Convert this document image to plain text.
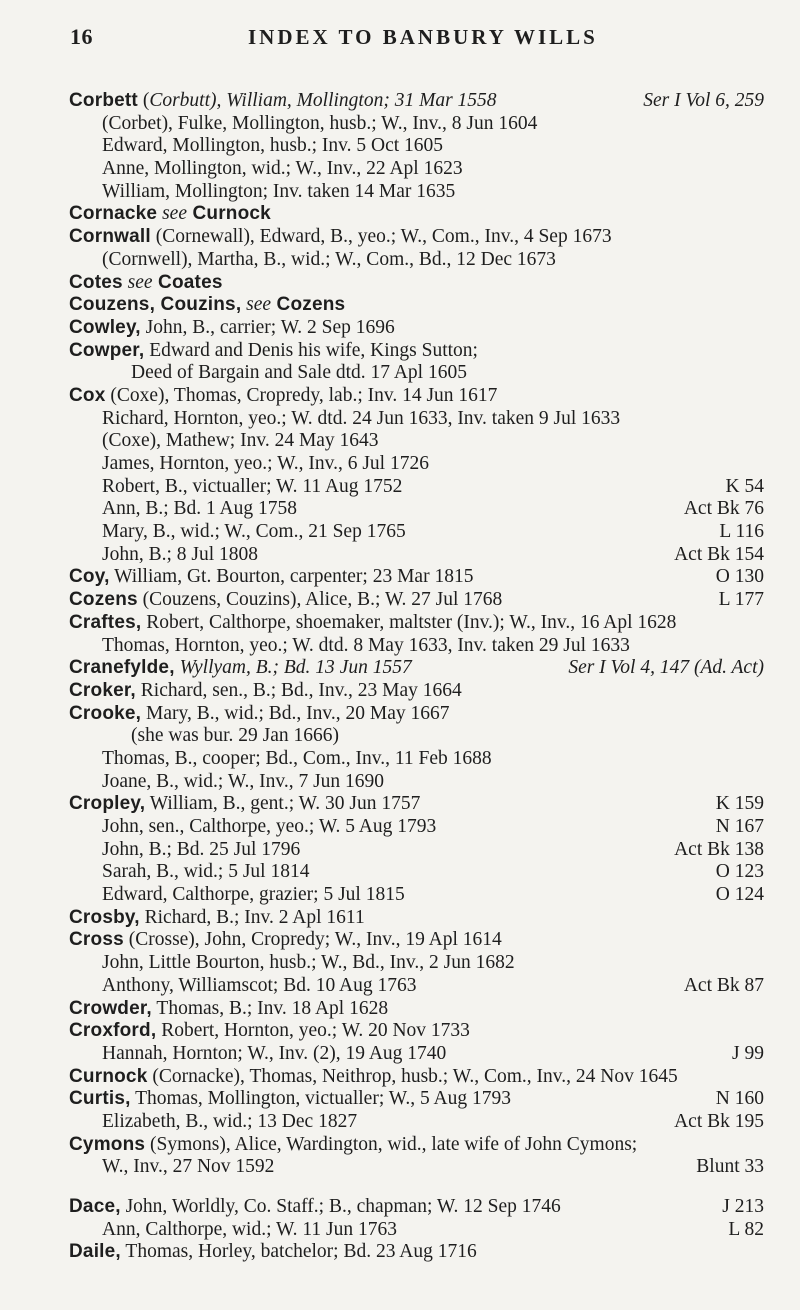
16	INDEX TO BANBURY WILLS
Corbett (Corbutt), William, Mollington; 31 Mar 1558	Ser I Vol 6, 259
(Corbet), Fulke, Mollington, husb.; W., Inv., 8 Jun 1604
Edward, Mollington, husb.; Inv. 5 Oct 1605
Anne, Mollington, wid.; W., Inv., 22 Apl 1623
William, Mollington; Inv. taken 14 Mar 1635
Cornacke see Curnock
Cornwall (Cornewall), Edward, B., yeo.; W., Com., Inv., 4 Sep 1673
(Cornwell), Martha, B., wid.; W., Com., Bd., 12 Dec 1673
Cotes see Coates
Couzens, Couzins, see Cozens
Cowley, John, B., carrier; W. 2 Sep 1696
Cowper, Edward and Denis his wife, Kings Sutton;
Deed of Bargain and Sale dtd. 17 Apl 1605
Cox (Coxe), Thomas, Cropredy, lab.; Inv. 14 Jun 1617
Richard, Hornton, yeo.; W. dtd. 24 Jun 1633, Inv. taken 9 Jul 1633
(Coxe), Mathew; Inv. 24 May 1643
James, Hornton, yeo.; W., Inv., 6 Jul 1726
Robert, B., victualler; W. 11 Aug 1752	K 54
Ann, B.; Bd. 1 Aug 1758	Act Bk 76
Mary, B., wid.; W., Com., 21 Sep 1765	L 116
John, B.; 8 Jul 1808	Act Bk 154
Coy, William, Gt. Bourton, carpenter; 23 Mar 1815	O 130
Cozens (Couzens, Couzins), Alice, B.; W. 27 Jul 1768	L 177
Craftes, Robert, Calthorpe, shoemaker, maltster (Inv.); W., Inv., 16 Apl 1628
Thomas, Hornton, yeo.; W. dtd. 8 May 1633, Inv. taken 29 Jul 1633
Cranefylde, Wyllyam, B.; Bd. 13 Jun 1557	Ser I Vol 4, 147 (Ad. Act)
Croker, Richard, sen., B.; Bd., Inv., 23 May 1664
Crooke, Mary, B., wid.; Bd., Inv., 20 May 1667
(she was bur. 29 Jan 1666)
Thomas, B., cooper; Bd., Com., Inv., 11 Feb 1688
Joane, B., wid.; W., Inv., 7 Jun 1690
Cropley, William, B., gent.; W. 30 Jun 1757	K 159
John, sen., Calthorpe, yeo.; W. 5 Aug 1793	N 167
John, B.; Bd. 25 Jul 1796	Act Bk 138
Sarah, B., wid.; 5 Jul 1814	O 123
Edward, Calthorpe, grazier; 5 Jul 1815	O 124
Crosby, Richard, B.; Inv. 2 Apl 1611
Cross (Crosse), John, Cropredy; W., Inv., 19 Apl 1614
John, Little Bourton, husb.; W., Bd., Inv., 2 Jun 1682
Anthony, Williamscot; Bd. 10 Aug 1763	Act Bk 87
Crowder, Thomas, B.; Inv. 18 Apl 1628
Croxford, Robert, Hornton, yeo.; W. 20 Nov 1733
Hannah, Hornton; W., Inv. (2), 19 Aug 1740	J 99
Curnock (Cornacke), Thomas, Neithrop, husb.; W., Com., Inv., 24 Nov 1645
Curtis, Thomas, Mollington, victualler; W., 5 Aug 1793	N 160
Elizabeth, B., wid.; 13 Dec 1827	Act Bk 195
Cymons (Symons), Alice, Wardington, wid., late wife of John Cymons;
W., Inv., 27 Nov 1592	Blunt 33
Dace, John, Worldly, Co. Staff.; B., chapman; W. 12 Sep 1746	J 213
Ann, Calthorpe, wid.; W. 11 Jun 1763	L 82
Daile, Thomas, Horley, batchelor; Bd. 23 Aug 1716
